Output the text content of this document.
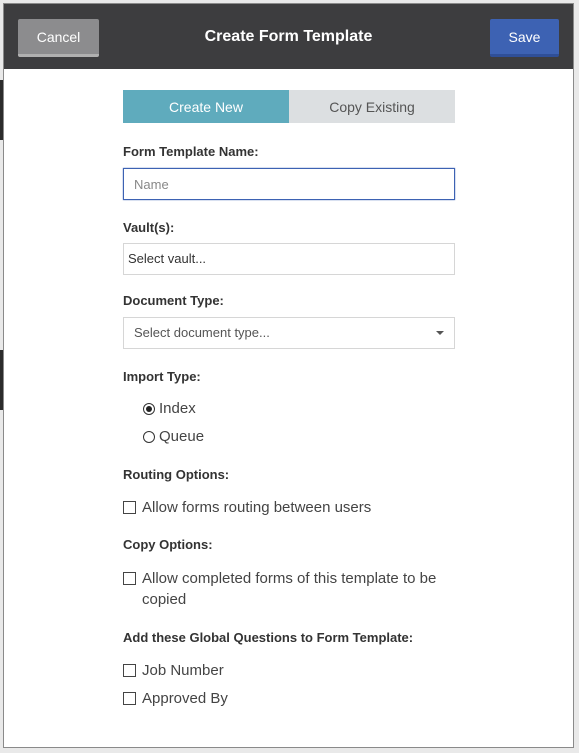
Cancel	Create Form Template	Save
Create New	Copy Existing
Form Template Name:
Name
Vault(s):
Select vault...
Document Type:
Select document type...
Import Type:
Index
Queue
Routing Options:
Allow forms routing between users
Copy Options:
Allow completed forms of this template to be copied
Add these Global Questions to Form Template:
Job Number
Approved By
